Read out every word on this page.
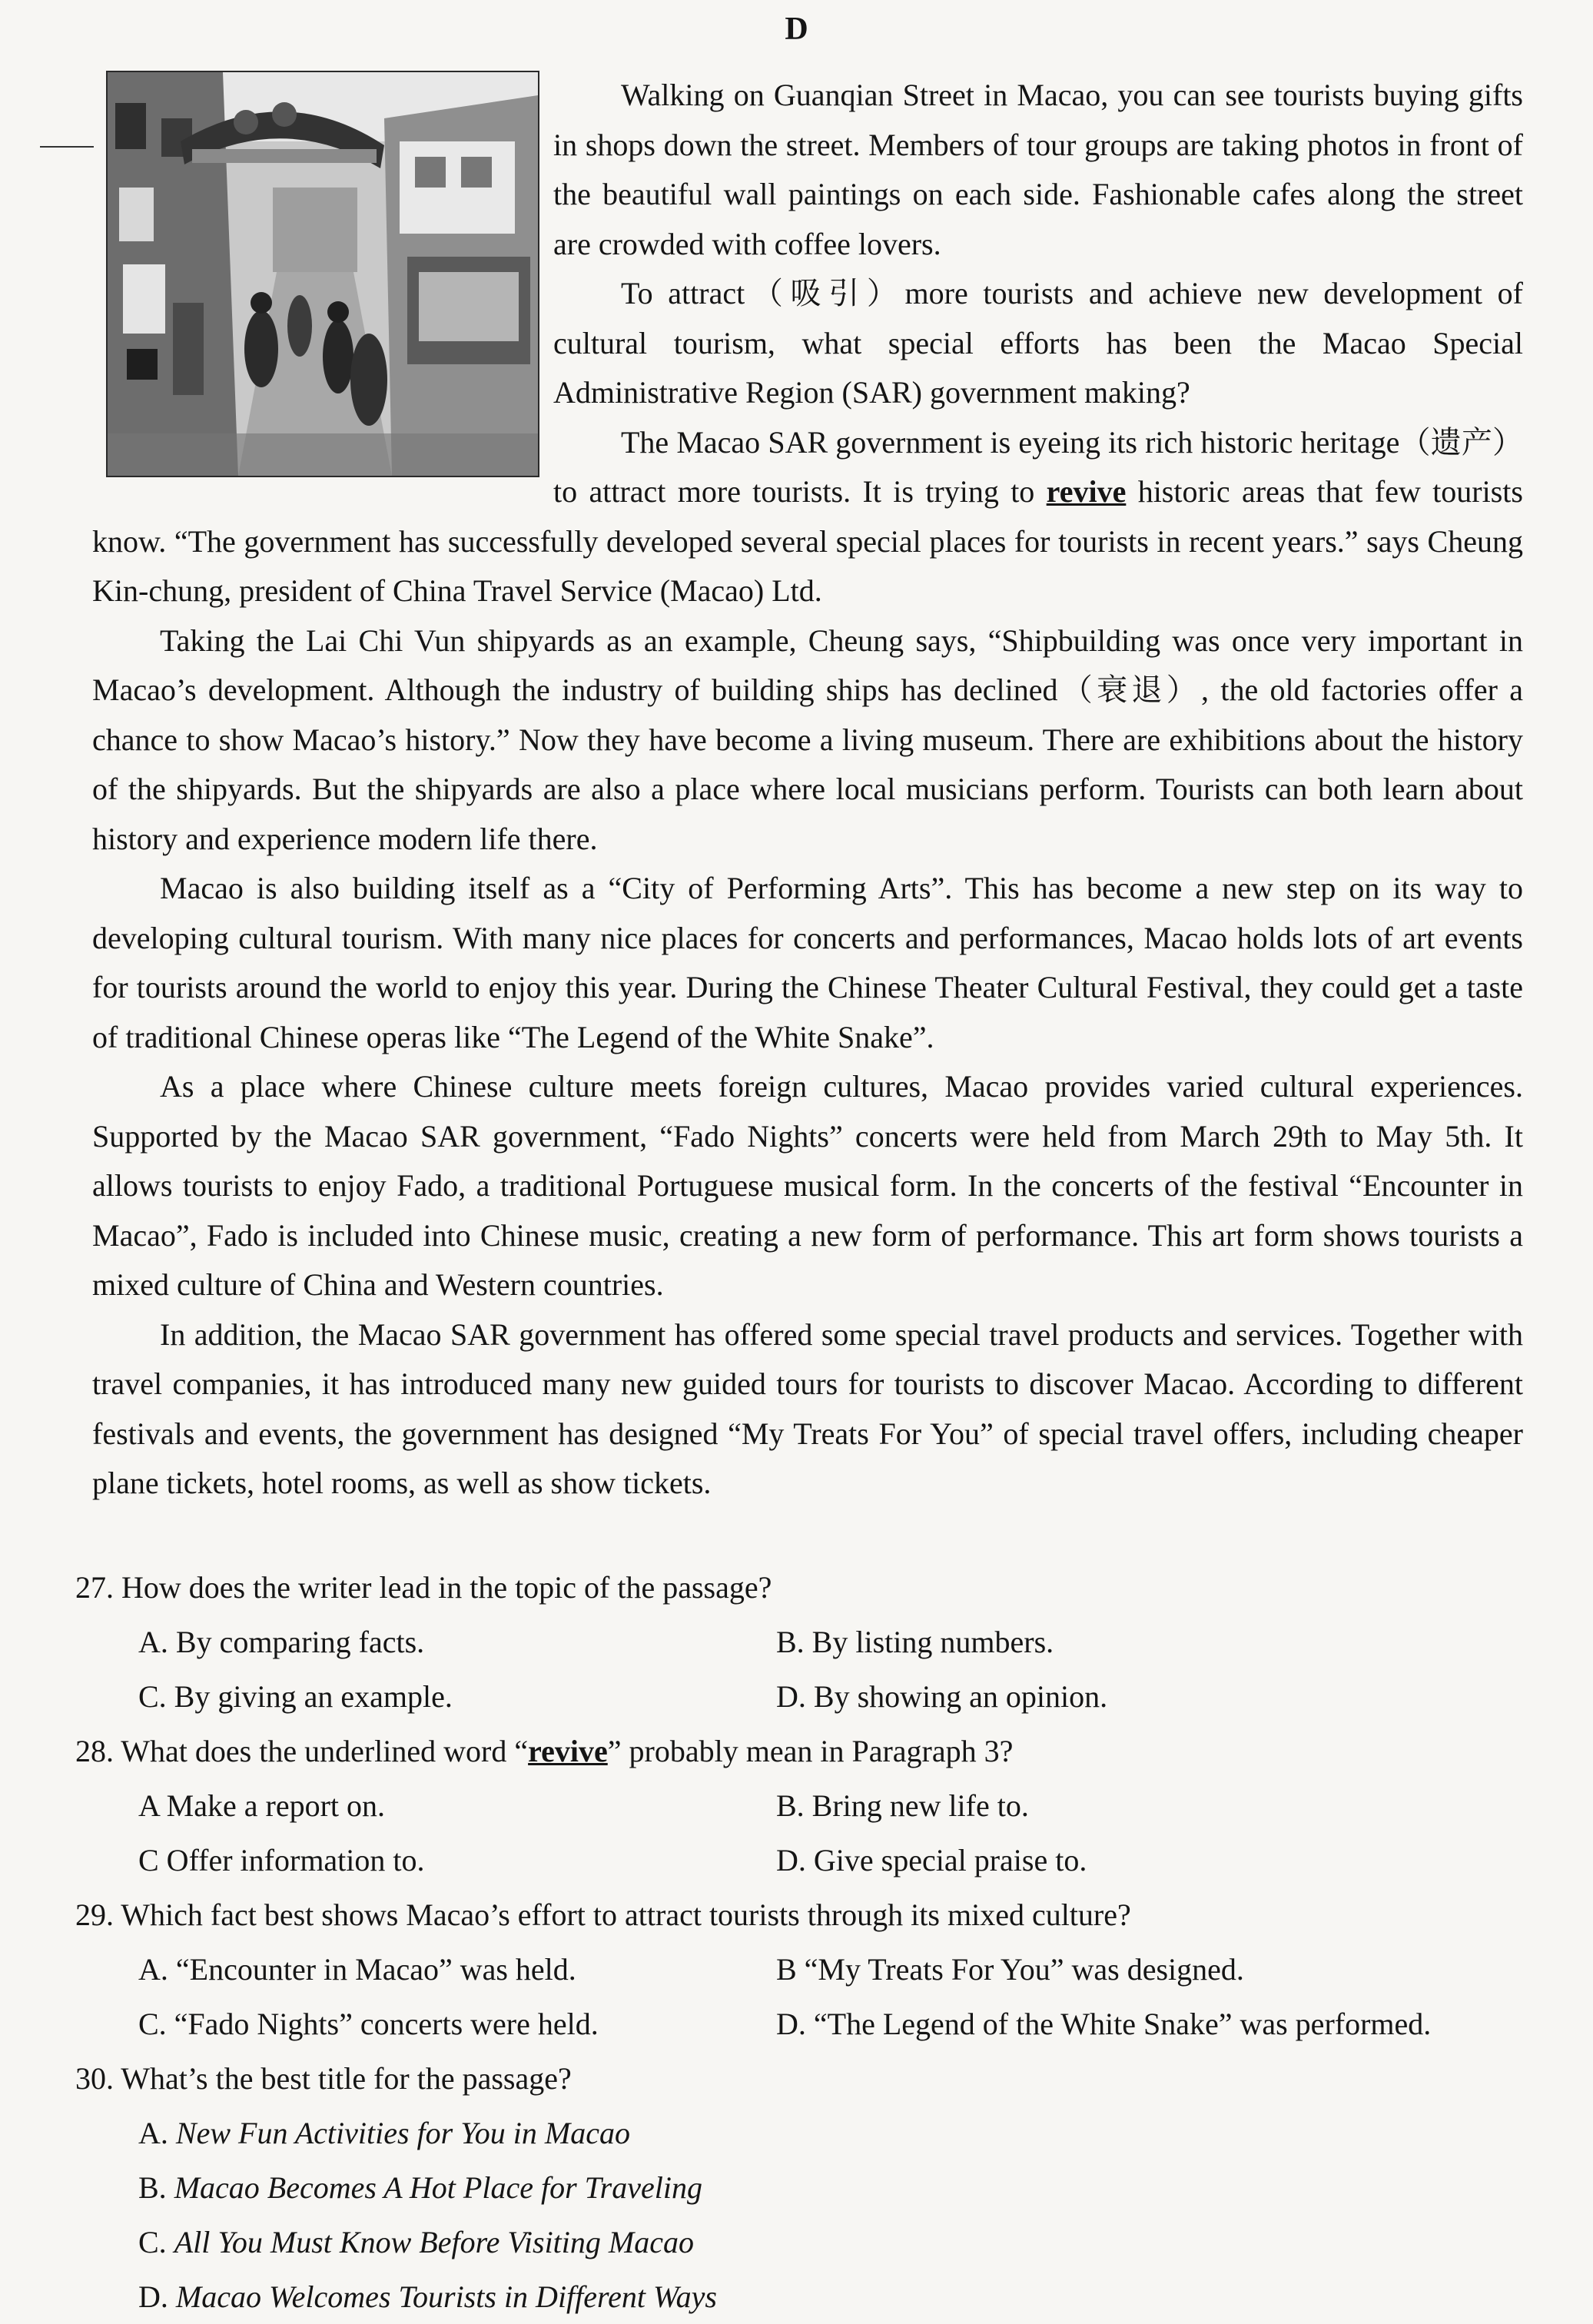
D

Walking on Guanqian Street in Macao, you can see tourists buying gifts in shops down the street. Members of tour groups are taking photos in front of the beautiful wall paintings on each side. Fashionable cafes along the street are crowded with coffee lovers.

To attract（吸引）more tourists and achieve new development of cultural tourism, what special efforts has been the Macao Special Administrative Region (SAR) government making?

The Macao SAR government is eyeing its rich historic heritage（遗产）to attract more tourists. It is trying to revive historic areas that few tourists know. “The government has successfully developed several special places for tourists in recent years.” says Cheung Kin-chung, president of China Travel Service (Macao) Ltd.

Taking the Lai Chi Vun shipyards as an example, Cheung says, “Shipbuilding was once very important in Macao’s development. Although the industry of building ships has declined（衰退）, the old factories offer a chance to show Macao’s history.” Now they have become a living museum. There are exhibitions about the history of the shipyards. But the shipyards are also a place where local musicians perform. Tourists can both learn about history and experience modern life there.

Macao is also building itself as a “City of Performing Arts”. This has become a new step on its way to developing cultural tourism. With many nice places for concerts and performances, Macao holds lots of art events for tourists around the world to enjoy this year. During the Chinese Theater Cultural Festival, they could get a taste of traditional Chinese operas like “The Legend of the White Snake”.

As a place where Chinese culture meets foreign cultures, Macao provides varied cultural experiences. Supported by the Macao SAR government, “Fado Nights” concerts were held from March 29th to May 5th. It allows tourists to enjoy Fado, a traditional Portuguese musical form. In the concerts of the festival “Encounter in Macao”, Fado is included into Chinese music, creating a new form of performance. This art form shows tourists a mixed culture of China and Western countries.

In addition, the Macao SAR government has offered some special travel products and services. Together with travel companies, it has introduced many new guided tours for tourists to discover Macao. According to different festivals and events, the government has designed “My Treats For You” of special travel offers, including cheaper plane tickets, hotel rooms, as well as show tickets.

27. How does the writer lead in the topic of the passage?
A. By comparing facts.	B. By listing numbers.
C. By giving an example.	D. By showing an opinion.
28. What does the underlined word “revive” probably mean in Paragraph 3?
A Make a report on.	B. Bring new life to.
C Offer information to.	D. Give special praise to.
29. Which fact best shows Macao’s effort to attract tourists through its mixed culture?
A. “Encounter in Macao” was held.	B “My Treats For You” was designed.
C. “Fado Nights” concerts were held.	D. “The Legend of the White Snake” was performed.
30. What’s the best title for the passage?
A. New Fun Activities for You in Macao
B. Macao Becomes A Hot Place for Traveling
C. All You Must Know Before Visiting Macao
D. Macao Welcomes Tourists in Different Ways
